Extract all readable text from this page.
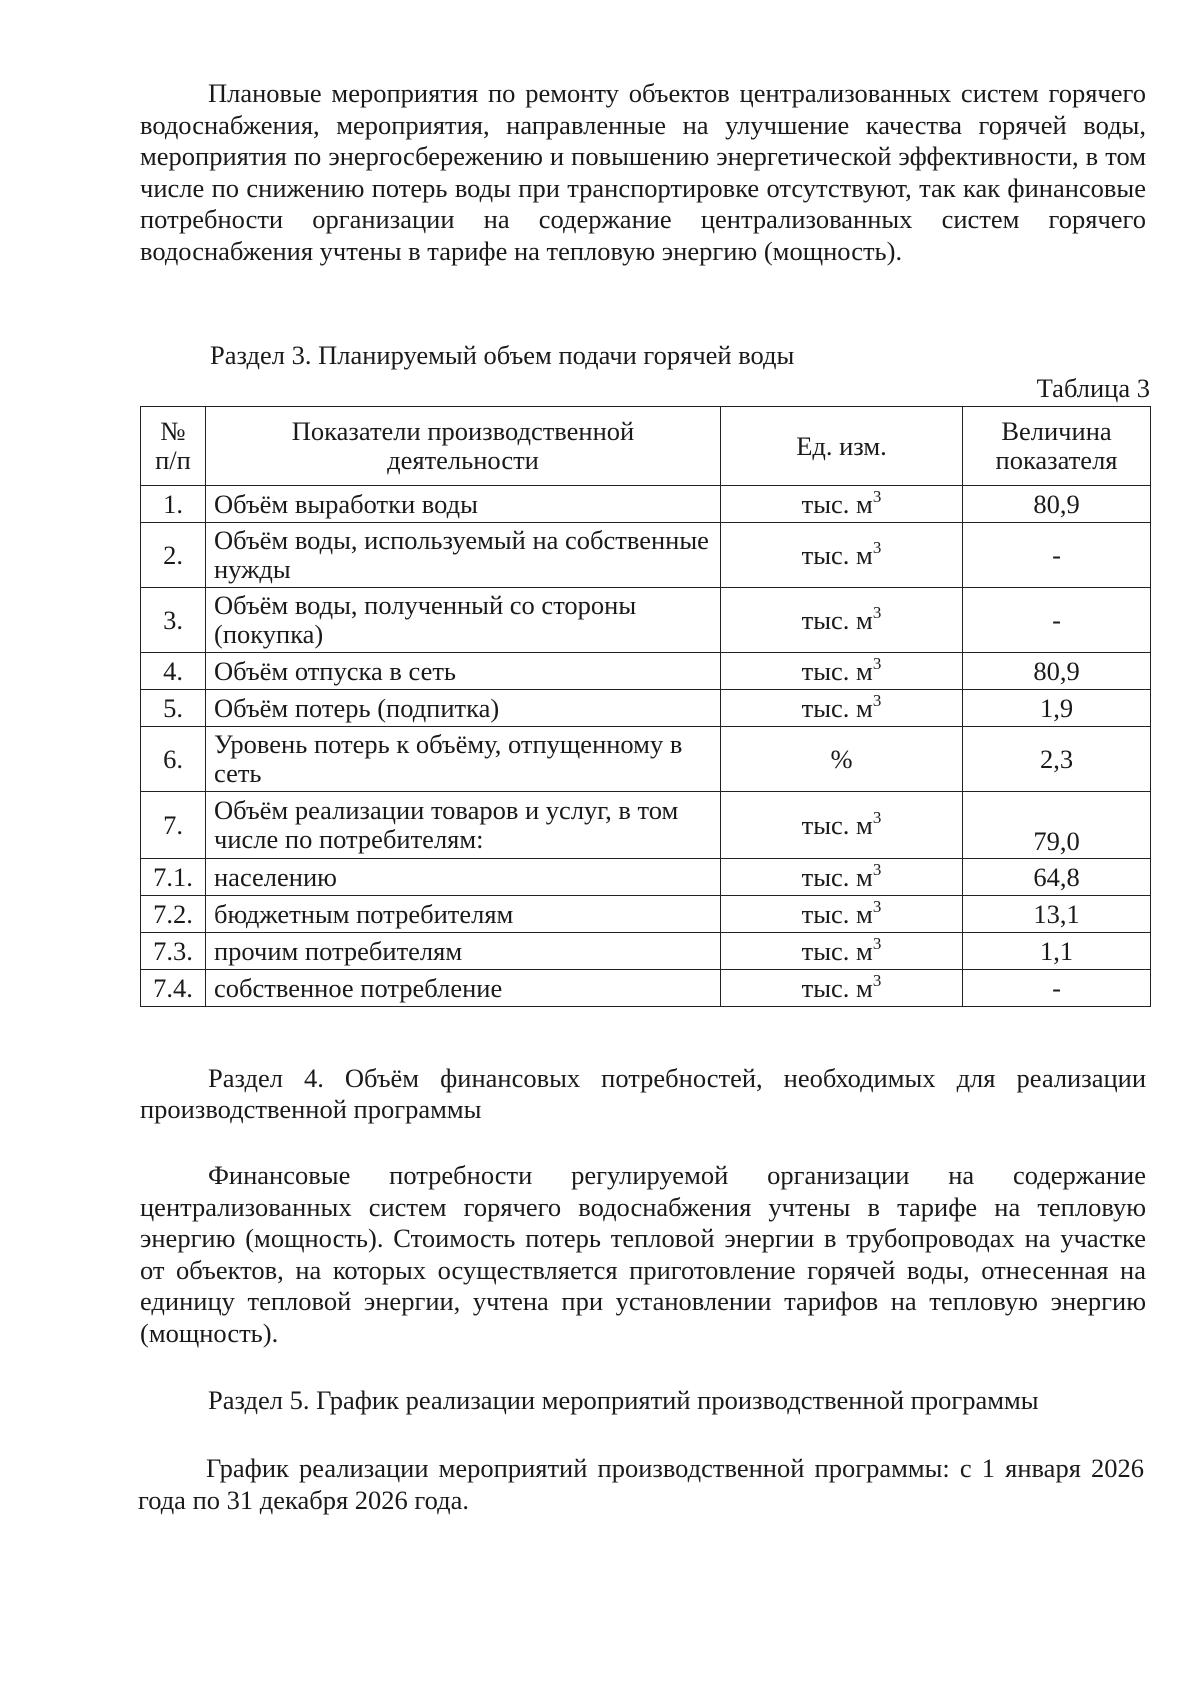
Плановые мероприятия по ремонту объектов централизованных систем горячего водоснабжения, мероприятия, направленные на улучшение качества горячей воды, мероприятия по энергосбережению и повышению энергетической эффективности, в том числе по снижению потерь воды при транспортировке отсутствуют, так как финансовые потребности организации на содержание централизованных систем горячего водоснабжения учтены в тарифе на тепловую энергию (мощность).

Раздел 3. Планируемый объем подачи горячей воды

Таблица 3
№ п/п	Показатели производственной деятельности	Ед. изм.	Величина показателя
1.	Объём выработки воды	тыс. $м^3$	80,9
2.	Объём воды, используемый на собственные нужды	тыс. $м^3$	-
3.	Объём воды, полученный со стороны (покупка)	тыс. $м^3$	-
4.	Объём отпуска в сеть	тыс. $м^3$	80,9
5.	Объём потерь (подпитка)	тыс. $м^3$	1,9
6.	Уровень потерь к объёму, отпущенному в сеть	%	2,3
7.	Объём реализации товаров и услуг, в том числе по потребителям:	тыс. $м^3$	79,0
7.1.	населению	тыс. $м^3$	64,8
7.2.	бюджетным потребителям	тыс. $м^3$	13,1
7.3.	прочим потребителям	тыс. $м^3$	1,1
7.4.	собственное потребление	тыс. $м^3$	-

Раздел 4. Объём финансовых потребностей, необходимых для реализации производственной программы

Финансовые потребности регулируемой организации на содержание централизованных систем горячего водоснабжения учтены в тарифе на тепловую энергию (мощность). Стоимость потерь тепловой энергии в трубопроводах на участке от объектов, на которых осуществляется приготовление горячей воды, отнесенная на единицу тепловой энергии, учтена при установлении тарифов на тепловую энергию (мощность).

Раздел 5. График реализации мероприятий производственной программы

График реализации мероприятий производственной программы: с 1 января 2026 года по 31 декабря 2026 года.
